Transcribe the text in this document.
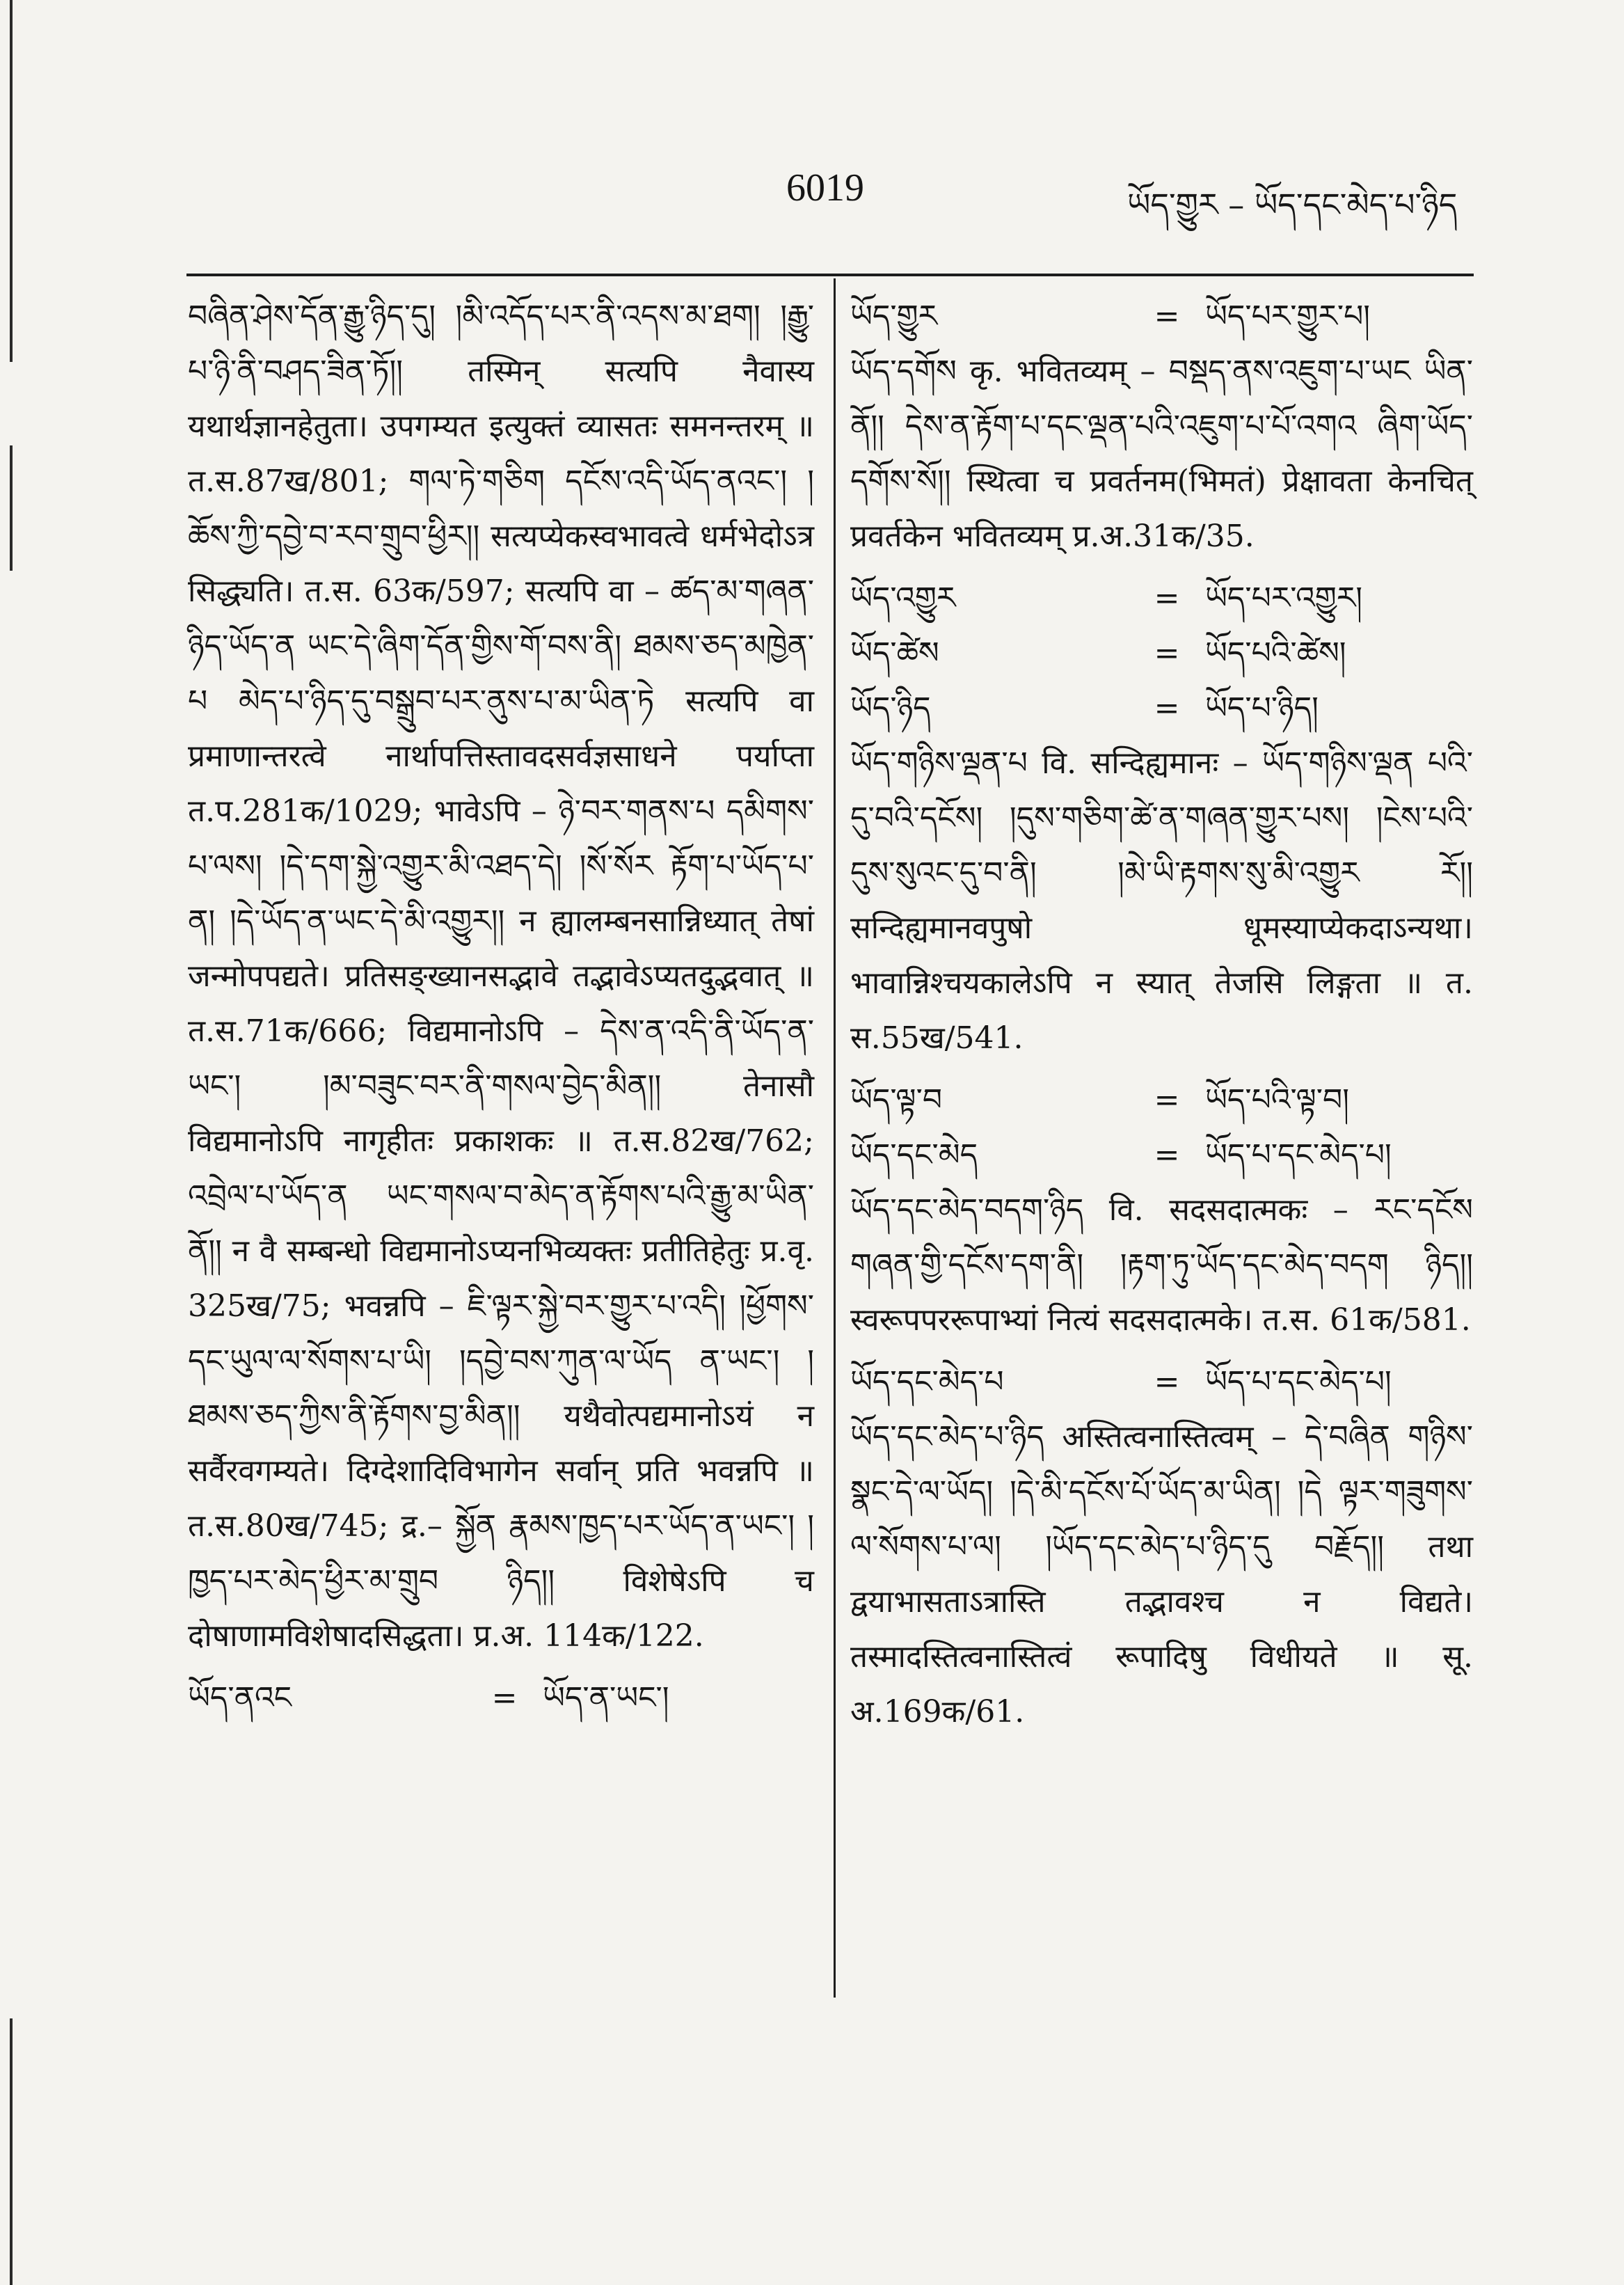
6019	ཡོད་གྱུར – ཡོད་དང་མེད་པ་ཉིད

བཞིན་ཤེས་དོན་རྒྱུ་ཉིད་དུ། །མི་འདོད་པར་ནི་འདས་མ་ཐག། །རྒྱུ་པ་ཉི་ནི་བཤད་ཟིན་ཏོ།། तस्मिन् सत्यपि नैवास्य यथार्थज्ञानहेतुता। उपगम्यत इत्युक्तं व्यासतः समनन्तरम् ॥ त.स.87ख/801; གལ་ཏེ་གཅིག དངོས་འདི་ཡོད་ནའང་། །ཆོས་ཀྱི་དབྱེ་བ་རབ་གྲུབ་ཕྱིར།། सत्यप्येकस्वभावत्वे धर्मभेदोऽत्र सिद्ध्यति। त.स. 63क/597; सत्यपि वा – ཚད་མ་གཞན་ཉིད་ཡོད་ན ཡང་དེ་ཞིག་དོན་གྱིས་གོ་བས་ནི། ཐམས་ཅད་མཁྱེན་པ མེད་པ་ཉིད་དུ་བསྒྲུབ་པར་ནུས་པ་མ་ཡིན་ཏེ सत्यपि वा प्रमाणान्तरत्वे नार्थापत्तिस्तावदसर्वज्ञसाधने पर्याप्ता त.प.281क/1029; भावेऽपि – ཉེ་བར་གནས་པ དམིགས་པ་ལས། །དེ་དག་སྐྱེ་འགྱུར་མི་འཐད་དེ། །སོ་སོར རྟོག་པ་ཡོད་པ་ན། །དེ་ཡོད་ན་ཡང་དེ་མི་འགྱུར།། न ह्यालम्बनसान्निध्यात् तेषां जन्मोपपद्यते। प्रतिसङ्ख्यानसद्भावे तद्भावेऽप्यतदुद्भवात् ॥ त.स.71क/666; विद्यमानोऽपि – དེས་ན་འདི་ནི་ཡོད་ན་ཡང་། །མ་བཟུང་བར་ནི་གསལ་བྱེད་མིན།། तेनासौ विद्यमानोऽपि नागृहीतः प्रकाशकः ॥ त.स.82ख/762; འབྲེལ་པ་ཡོད་ན ཡང་གསལ་བ་མེད་ན་རྟོགས་པའི་རྒྱུ་མ་ཡིན་ནོ།། न वै सम्बन्धो विद्यमानोऽप्यनभिव्यक्तः प्रतीतिहेतुः प्र.वृ. 325ख/75; भवन्नपि – ཇི་ལྟར་སྐྱེ་བར་གྱུར་པ་འདི། །ཕྱོགས་དང་ཡུལ་ལ་སོགས་པ་ཡི། །དབྱེ་བས་ཀུན་ལ་ཡོད ན་ཡང་། །ཐམས་ཅད་ཀྱིས་ནི་རྟོགས་བྱ་མིན།། यथैवोत्पद्यमानोऽयं न सर्वैरवगम्यते। दिग्देशादिविभागेन सर्वान् प्रति भवन्नपि ॥ त.स.80ख/745; द्र.– སྐྱོན རྣམས་ཁྱད་པར་ཡོད་ན་ཡང་། །ཁྱད་པར་མེད་ཕྱིར་མ་གྲུབ ཉིད།། विशेषेऽपि च दोषाणामविशेषादसिद्धता। प्र.अ. 114क/122.

ཡོད་ནའང	= ཡོད་ན་ཡང་།
ཡོད་གྱུར	= ཡོད་པར་གྱུར་པ།

ཡོད་དགོས कृ. भवितव्यम् – བསྡད་ནས་འཇུག་པ་ཡང ཡིན་ནོ།། དེས་ན་རྟོག་པ་དང་ལྡན་པའི་འཇུག་པ་པོ་འགའ ཞིག་ཡོད་དགོས་སོ།། स्थित्वा च प्रवर्तनम(भिमतं) प्रेक्षावता केनचित् प्रवर्तकेन भवितव्यम् प्र.अ.31क/35.

ཡོད་འགྱུར	= ཡོད་པར་འགྱུར།
ཡོད་ཚེས	= ཡོད་པའི་ཚེས།
ཡོད་ཉིད	= ཡོད་པ་ཉིད།

ཡོད་གཉིས་ལྡན་པ वि. सन्दिह्यमानः – ཡོད་གཉིས་ལྡན པའི་དུ་བའི་དངོས། །དུས་གཅིག་ཚེ་ན་གཞན་གྱུར་པས། །ངེས་པའི་དུས་སུའང་དུ་བ་ནི། །མེ་ཡི་རྟགས་སུ་མི་འགྱུར རོ།། सन्दिह्यमानवपुषो धूमस्याप्येकदाऽन्यथा। भावान्निश्चयकालेऽपि न स्यात् तेजसि लिङ्गता ॥ त. स.55ख/541.

ཡོད་ལྟ་བ	= ཡོད་པའི་ལྟ་བ།
ཡོད་དང་མེད	= ཡོད་པ་དང་མེད་པ།

ཡོད་དང་མེད་བདག་ཉིད वि. सदसदात्मकः – རང་དངོས གཞན་གྱི་དངོས་དག་ནི། །རྟག་ཏུ་ཡོད་དང་མེད་བདག ཉིད།། स्वरूपपररूपाभ्यां नित्यं सदसदात्मके। त.स. 61क/581.

ཡོད་དང་མེད་པ	= ཡོད་པ་དང་མེད་པ།

ཡོད་དང་མེད་པ་ཉིད अस्तित्वनास्तित्वम् – དེ་བཞིན གཉིས་སྣང་དེ་ལ་ཡོད། །དེ་མི་དངོས་པོ་ཡོད་མ་ཡིན། །དེ ལྟར་གཟུགས་ལ་སོགས་པ་ལ། །ཡོད་དང་མེད་པ་ཉིད་དུ བརྗོད།། तथा द्वयाभासताऽत्रास्ति तद्भावश्च न विद्यते। तस्मादस्तित्वनास्तित्वं रूपादिषु विधीयते ॥ सू. अ.169क/61.
